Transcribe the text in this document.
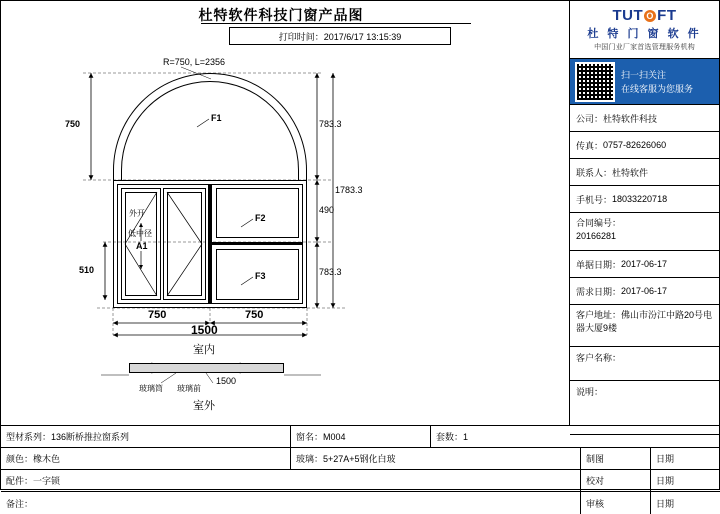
杜特软件科技门窗产品图
打印时间：2017/6/17 13:15:39
R=750, L=2356
750
510
783.3
490
783.3
1783.3
750	750
1500
F1
F2
F3
外开
低中径
A1
室内
1500
玻璃筒 玻璃前
室外
TUT O FT
杜 特 门 窗 软 件
中国门业厂家首选管理服务机构
扫一扫关注
在线客服为您服务
公司： 杜特软件科技
传真： 0757-82626060
联系人： 杜特软件
手机号： 18033220718
合同编号：
20166281
单据日期： 2017-06-17
需求日期： 2017-06-17
客户地址：佛山市汾江中路20号电器大厦9楼
客户名称：
说明：
型材系列： 136断桥推拉窗系列	窗名： M004	套数： 1
颜色： 橡木色	玻璃： 5+27A+5钢化白玻	制图	日期
配件： 一字锁	校对	日期
备注：	审核	日期
